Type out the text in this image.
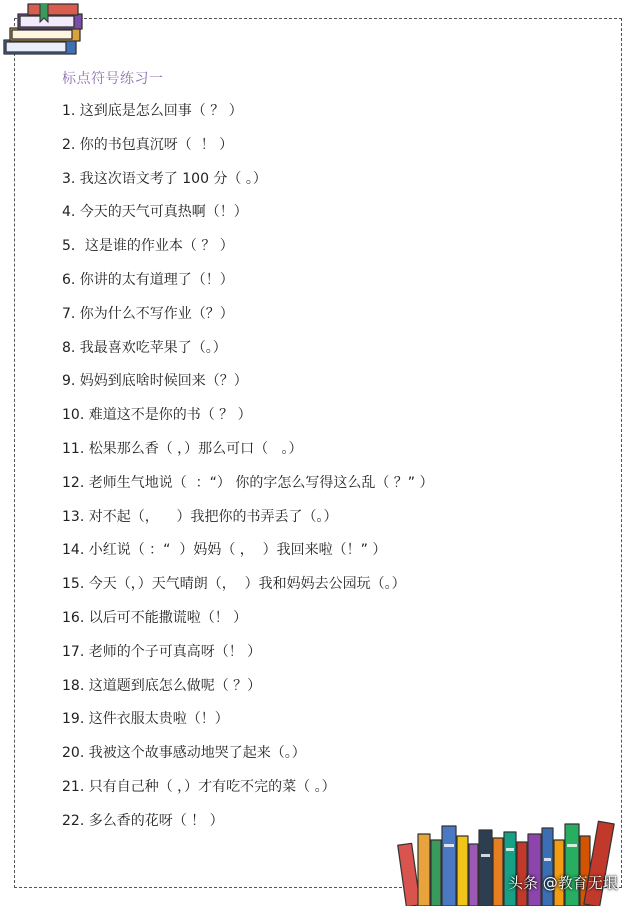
标点符号练习一
1. 这到底是怎么回事（ ？ ）
2. 你的书包真沉呀（  ！ ）
3. 我这次语文考了 100 分（ 。）
4. 今天的天气可真热啊（！）
5．这是谁的作业本（ ？ ）
6. 你讲的太有道理了（！）
7. 你为什么不写作业（？）
8. 我最喜欢吃苹果了（。）
9. 妈妈到底啥时候回来（？）
10. 难道这不是你的书（ ？ ）
11. 松果那么香（ ，）那么可口（   。）
12. 老师生气地说（  ：“） 你的字怎么写得这么乱（ ？” ）
13. 对不起（，    ）我把你的书弄丢了（。）
14. 小红说（ ：“  ）妈妈（ ，  ）我回来啦（！” ）
15. 今天（，）天气晴朗（，  ）我和妈妈去公园玩（。）
16. 以后可不能撒谎啦（！ ）
17. 老师的个子可真高呀（！ ）
18. 这道题到底怎么做呢（ ？）
19. 这件衣服太贵啦（！）
20. 我被这个故事感动地哭了起来（。）
21. 只有自己种（ ，）才有吃不完的菜（ 。）
22. 多么香的花呀（ ！ ）
头条 @教育无垠
